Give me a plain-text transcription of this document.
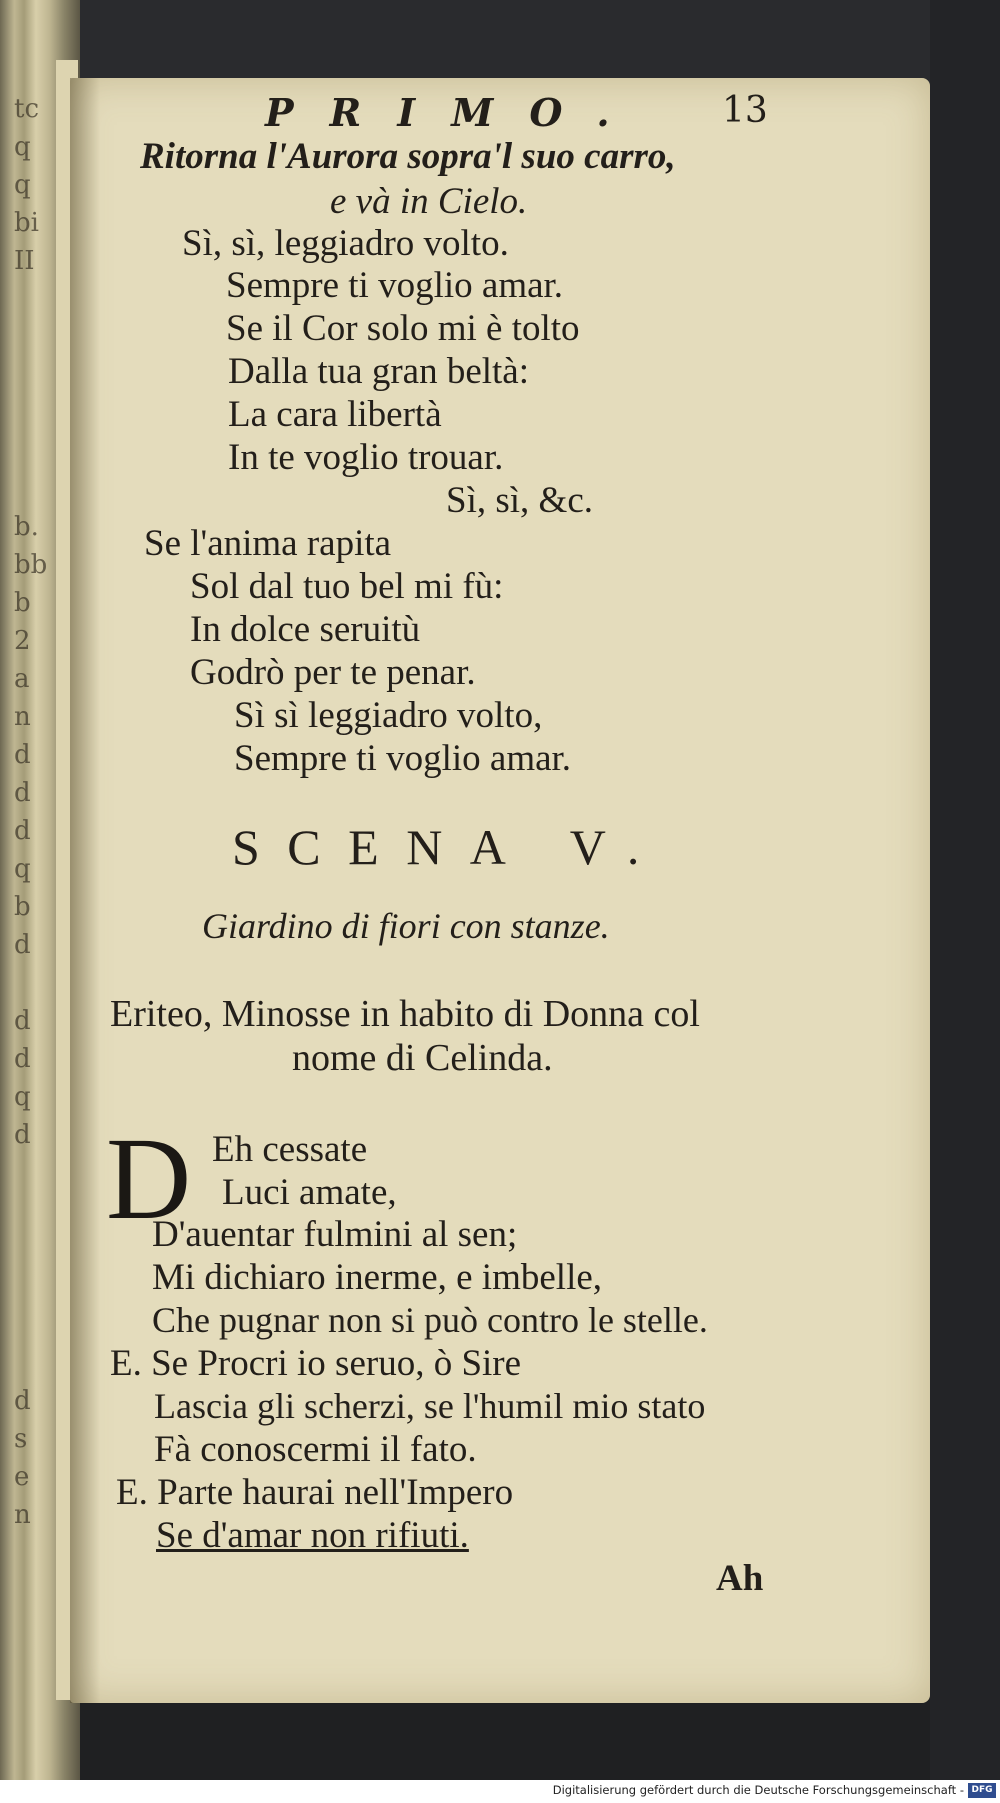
tc
q
q
bi
II

b.
bb
b
2
a
n
d
d
d
q
b
d

d
d
q
d

d
s
e
n
PRIMO. 13
Ritorna l'Aurora sopra'l suo carro,
e và in Cielo.
Sì, sì, leggiadro volto.
Sempre ti voglio amar.
Se il Cor solo mi è tolto
Dalla tua gran beltà:
La cara libertà
In te voglio trouar.
Sì, sì, &c.
Se l'anima rapita
Sol dal tuo bel mi fù:
In dolce seruitù
Godrò per te penar.
Sì sì leggiadro volto,
Sempre ti voglio amar.
SCENA V.
Giardino di fiori con stanze.
Eriteo, Minosse in habito di Donna col
nome di Celinda.
D Eh cessate
Luci amate,
D'auentar fulmini al sen;
Mi dichiaro inerme, e imbelle,
Che pugnar non si può contro le stelle.
E. Se Procri io seruo, ò Sire
Lascia gli scherzi, se l'humil mio stato
Fà conoscermi il fato.
E. Parte haurai nell'Impero
Se d'amar non rifiuti.
Ah
Digitalisierung gefördert durch die Deutsche Forschungsgemeinschaft - DFG
